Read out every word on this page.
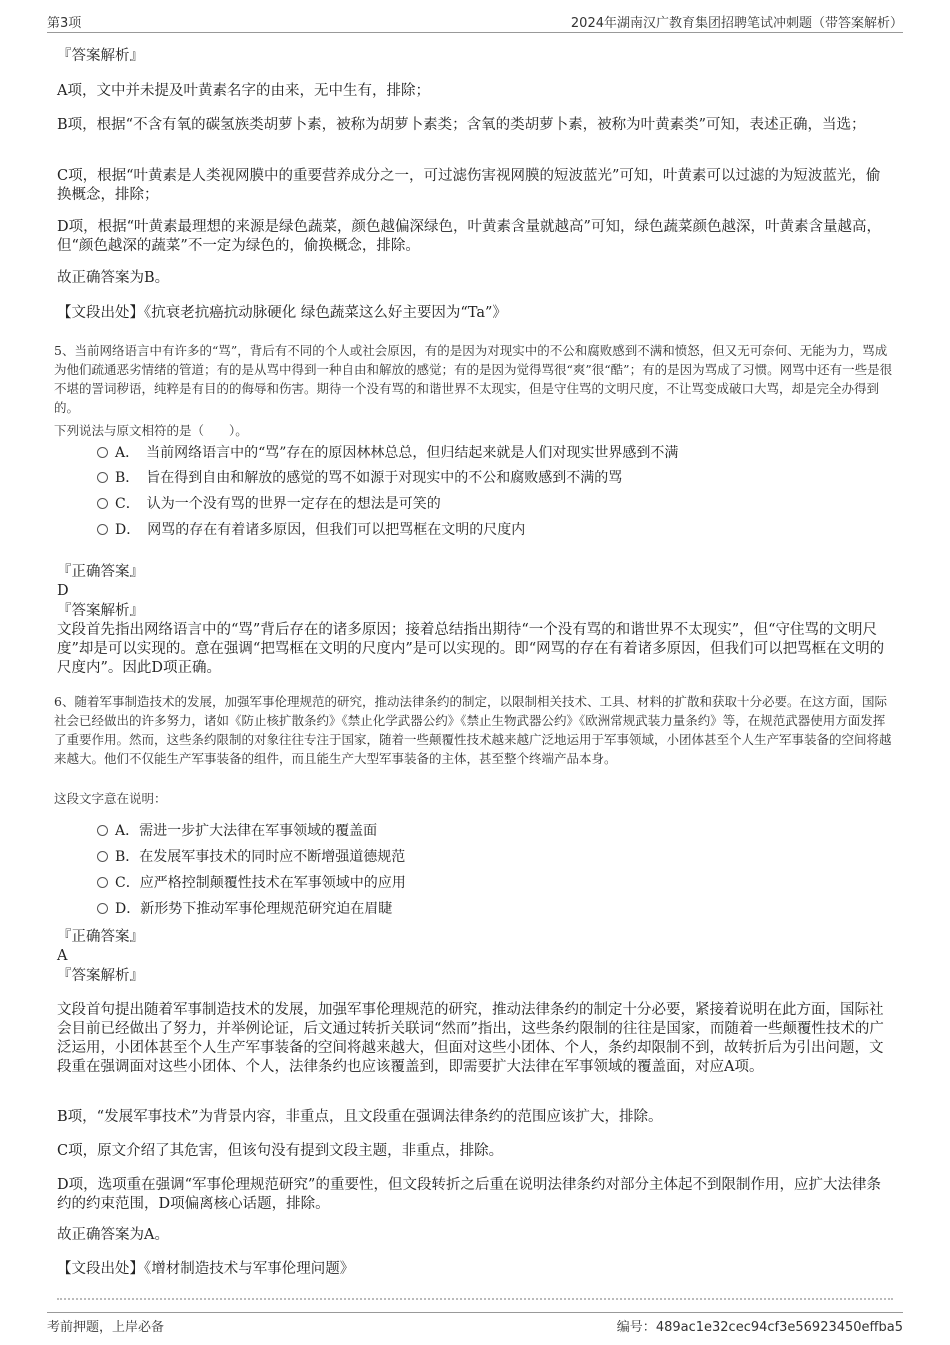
第3项	2024年湖南汉广教育集团招聘笔试冲刺题（带答案解析）
『答案解析』
A项，文中并未提及叶黄素名字的由来，无中生有，排除；
B项，根据“不含有氧的碳氢族类胡萝卜素，被称为胡萝卜素类；含氧的类胡萝卜素，被称为叶黄素类”可知，表述正确，当选；
C项，根据“叶黄素是人类视网膜中的重要营养成分之一，可过滤伤害视网膜的短波蓝光”可知，叶黄素可以过滤的为短波蓝光，偷换概念，排除；
D项，根据“叶黄素最理想的来源是绿色蔬菜，颜色越偏深绿色，叶黄素含量就越高”可知，绿色蔬菜颜色越深，叶黄素含量越高，但“颜色越深的蔬菜”不一定为绿色的，偷换概念，排除。
故正确答案为B。
【文段出处】《抗衰老抗癌抗动脉硬化 绿色蔬菜这么好主要因为“Ta”》
5、当前网络语言中有许多的“骂”，背后有不同的个人或社会原因，有的是因为对现实中的不公和腐败感到不满和愤怒，但又无可奈何、无能为力，骂成为他们疏通恶劣情绪的管道；有的是从骂中得到一种自由和解放的感觉；有的是因为觉得骂很“爽”很“酷”；有的是因为骂成了习惯。网骂中还有一些是很不堪的詈词秽语，纯粹是有目的的侮辱和伤害。期待一个没有骂的和谐世界不太现实，但是守住骂的文明尺度，不让骂变成破口大骂，却是完全办得到的。
下列说法与原文相符的是（　　）。
A．　当前网络语言中的“骂”存在的原因林林总总，但归结起来就是人们对现实世界感到不满
B．　旨在得到自由和解放的感觉的骂不如源于对现实中的不公和腐败感到不满的骂
C．　认为一个没有骂的世界一定存在的想法是可笑的
D．　网骂的存在有着诸多原因，但我们可以把骂框在文明的尺度内
『正确答案』
D
『答案解析』
文段首先指出网络语言中的“骂”背后存在的诸多原因；接着总结指出期待“一个没有骂的和谐世界不太现实”，但“守住骂的文明尺度”却是可以实现的。意在强调“把骂框在文明的尺度内”是可以实现的。即“网骂的存在有着诸多原因，但我们可以把骂框在文明的尺度内”。因此D项正确。
6、随着军事制造技术的发展，加强军事伦理规范的研究，推动法律条约的制定，以限制相关技术、工具、材料的扩散和获取十分必要。在这方面，国际社会已经做出的许多努力，诸如《防止核扩散条约》《禁止化学武器公约》《禁止生物武器公约》《欧洲常规武装力量条约》等，在规范武器使用方面发挥了重要作用。然而，这些条约限制的对象往往专注于国家，随着一些颠覆性技术越来越广泛地运用于军事领域，小团体甚至个人生产军事装备的空间将越来越大。他们不仅能生产军事装备的组件，而且能生产大型军事装备的主体，甚至整个终端产品本身。
这段文字意在说明：
A．需进一步扩大法律在军事领域的覆盖面
B．在发展军事技术的同时应不断增强道德规范
C．应严格控制颠覆性技术在军事领域中的应用
D．新形势下推动军事伦理规范研究迫在眉睫
『正确答案』
A
『答案解析』
文段首句提出随着军事制造技术的发展，加强军事伦理规范的研究，推动法律条约的制定十分必要，紧接着说明在此方面，国际社会目前已经做出了努力，并举例论证，后文通过转折关联词“然而”指出，这些条约限制的往往是国家，而随着一些颠覆性技术的广泛运用，小团体甚至个人生产军事装备的空间将越来越大，但面对这些小团体、个人，条约却限制不到，故转折后为引出问题，文段重在强调面对这些小团体、个人，法律条约也应该覆盖到，即需要扩大法律在军事领域的覆盖面，对应A项。
B项，“发展军事技术”为背景内容，非重点，且文段重在强调法律条约的范围应该扩大，排除。
C项，原文介绍了其危害，但该句没有提到文段主题，非重点，排除。
D项，选项重在强调“军事伦理规范研究”的重要性，但文段转折之后重在说明法律条约对部分主体起不到限制作用，应扩大法律条约的约束范围，D项偏离核心话题，排除。
故正确答案为A。
【文段出处】《增材制造技术与军事伦理问题》
考前押题，上岸必备	编号：489ac1e32cec94cf3e56923450effba5
